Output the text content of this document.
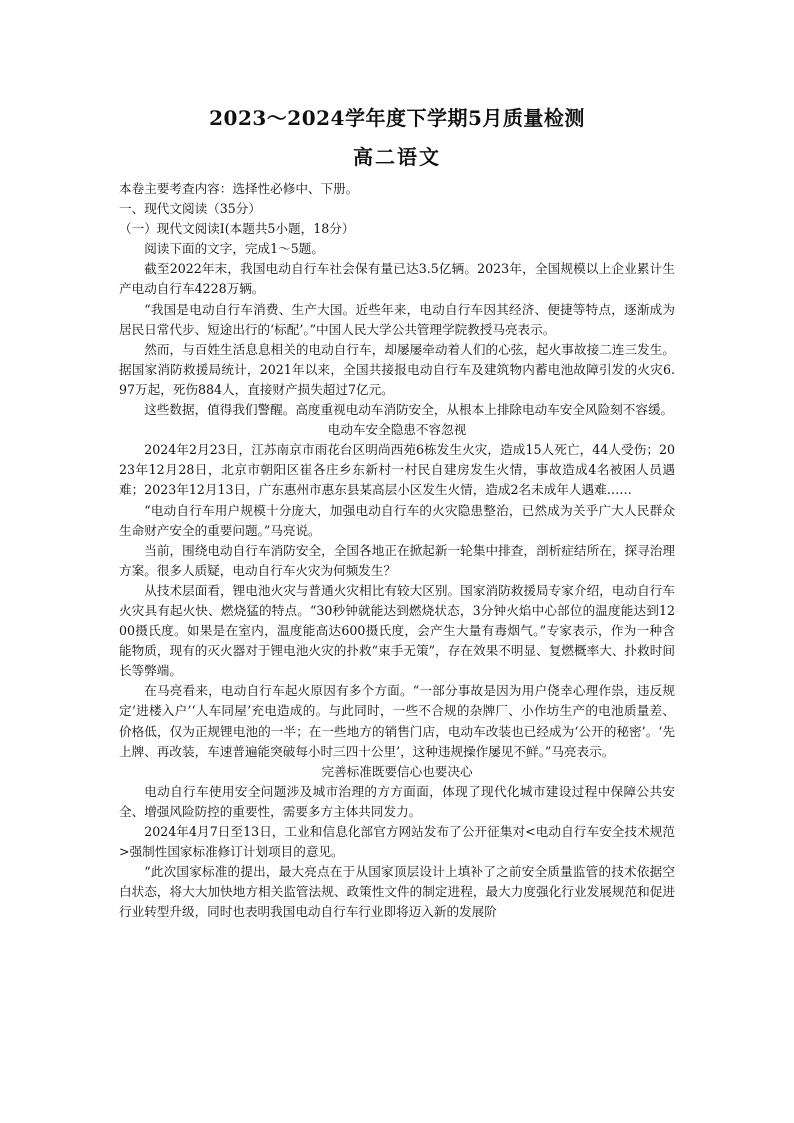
2023～2024学年度下学期5月质量检测
高二语文

本卷主要考查内容：选择性必修中、下册。

一、现代文阅读（35分）

（一）现代文阅读Ⅰ(本题共5小题，18分）

阅读下面的文字，完成1～5题。

截至2022年末，我国电动自行车社会保有量已达3.5亿辆。2023年，全国规模以上企业累计生产电动自行车4228万辆。

“我国是电动自行车消费、生产大国。近些年来，电动自行车因其经济、便捷等特点，逐渐成为居民日常代步、短途出行的‘标配’。”中国人民大学公共管理学院教授马亮表示。

然而，与百姓生活息息相关的电动自行车，却屡屡牵动着人们的心弦，起火事故接二连三发生。据国家消防救援局统计，2021年以来，全国共接报电动自行车及建筑物内蓄电池故障引发的火灾6. 97万起，死伤884人，直接财产损失超过7亿元。

这些数据，值得我们警醒。高度重视电动车消防安全，从根本上排除电动车安全风险刻不容缓。

电动车安全隐患不容忽视

2024年2月23日，江苏南京市雨花台区明尚西苑6栋发生火灾，造成15人死亡，44人受伤；2023年12月28日，北京市朝阳区崔各庄乡东新村一村民自建房发生火情，事故造成4名被困人员遇难；2023年12月13日，广东惠州市惠东县某高层小区发生火情，造成2名未成年人遇难……

“电动自行车用户规模十分庞大，加强电动自行车的火灾隐患整治，已然成为关乎广大人民群众生命财产安全的重要问题。”马亮说。

当前，围绕电动自行车消防安全，全国各地正在掀起新一轮集中排查，剖析症结所在，探寻治理方案。很多人质疑，电动自行车火灾为何频发生？

从技术层面看，锂电池火灾与普通火灾相比有较大区别。国家消防救援局专家介绍，电动自行车火灾具有起火快、燃烧猛的特点。“30秒钟就能达到燃烧状态，3分钟火焰中心部位的温度能达到1200摄氏度。如果是在室内，温度能高达600摄氏度，会产生大量有毒烟气。”专家表示，作为一种含能物质，现有的灭火器对于锂电池火灾的扑救“束手无策”，存在效果不明显、复燃概率大、扑救时间长等弊端。

在马亮看来，电动自行车起火原因有多个方面。“一部分事故是因为用户侥幸心理作祟，违反规定‘进楼入户’‘人车同屋’充电造成的。与此同时，一些不合规的杂牌厂、小作坊生产的电池质量差、价格低，仅为正规锂电池的一半；在一些地方的销售门店，电动车改装也已经成为‘公开的秘密’。‘先上牌、再改装，车速普遍能突破每小时三四十公里’，这种违规操作屡见不鲜。”马亮表示。

完善标准既要信心也要决心

电动自行车使用安全问题涉及城市治理的方方面面，体现了现代化城市建设过程中保障公共安全、增强风险防控的重要性，需要多方主体共同发力。

2024年4月7日至13日，工业和信息化部官方网站发布了公开征集对<电动自行车安全技术规范>强制性国家标准修订计划项目的意见。

“此次国家标准的提出，最大亮点在于从国家顶层设计上填补了之前安全质量监管的技术依据空白状态，将大大加快地方相关监管法规、政策性文件的制定进程，最大力度强化行业发展规范和促进行业转型升级，同时也表明我国电动自行车行业即将迈入新的发展阶
